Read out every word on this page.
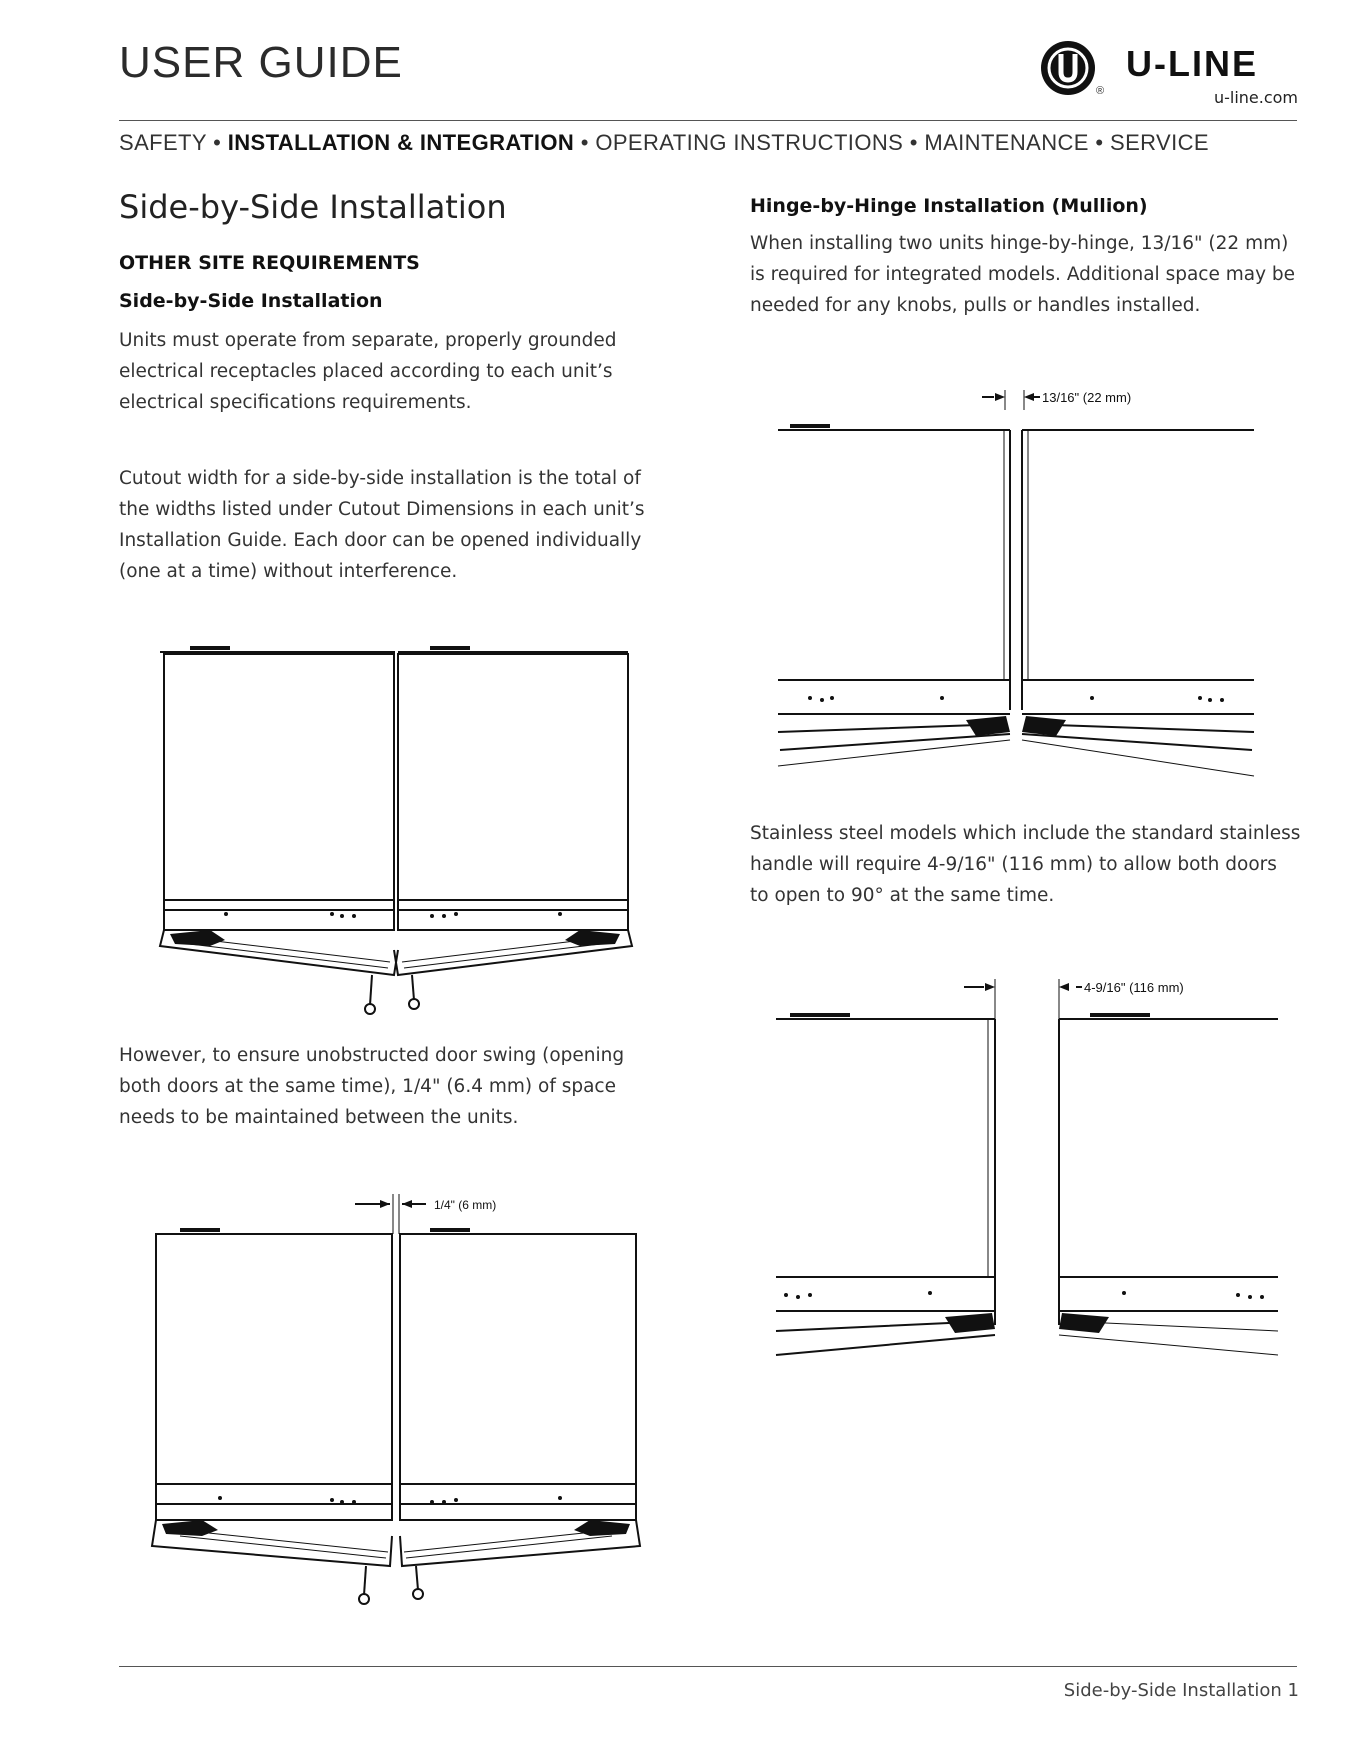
USER GUIDE
®
U-LINE
u-line.com
SAFETY • INSTALLATION & INTEGRATION • OPERATING INSTRUCTIONS • MAINTENANCE • SERVICE
Side-by-Side Installation
OTHER SITE REQUIREMENTS
Side-by-Side Installation
Units must operate from separate, properly grounded
electrical receptacles placed according to each unit’s
electrical specifications requirements.
Cutout width for a side-by-side installation is the total of
the widths listed under Cutout Dimensions in each unit’s
Installation Guide. Each door can be opened individually
(one at a time) without interference.
However, to ensure unobstructed door swing (opening
both doors at the same time), 1/4" (6.4 mm) of space
needs to be maintained between the units.
1/4" (6 mm)
Hinge-by-Hinge Installation (Mullion)
When installing two units hinge-by-hinge, 13/16" (22 mm)
is required for integrated models. Additional space may be
needed for any knobs, pulls or handles installed.
13/16" (22 mm)
Stainless steel models which include the standard stainless
handle will require 4-9/16" (116 mm) to allow both doors
to open to 90° at the same time.
4-9/16" (116 mm)
Side-by-Side Installation 1
